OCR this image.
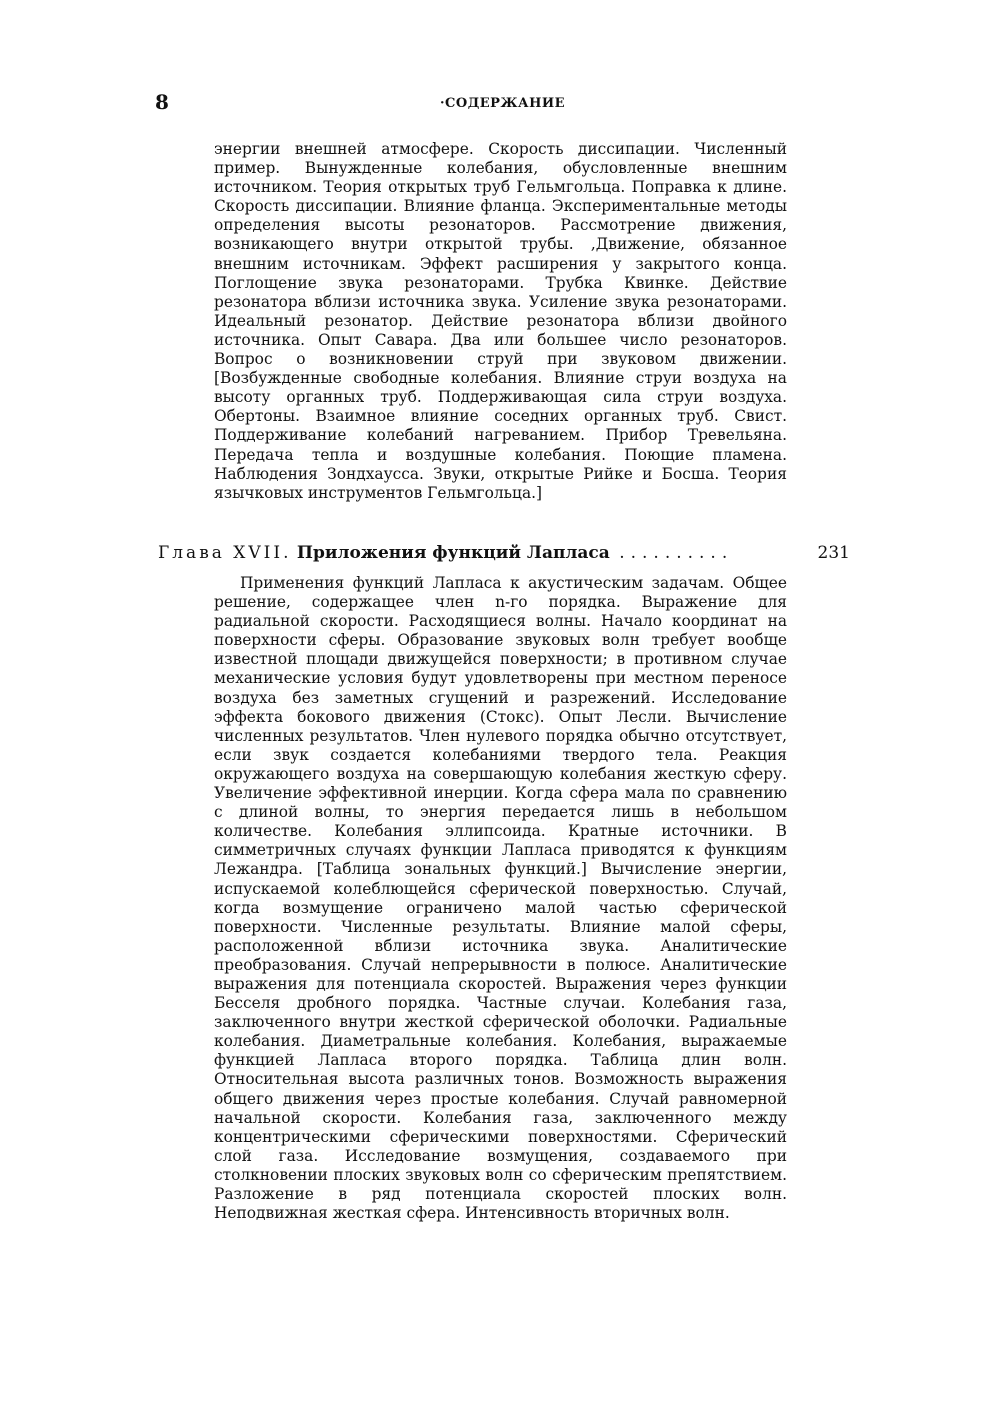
8	·СОДЕРЖАНИЕ

энергии внешней атмосфере. Скорость диссипации. Численный пример. Вынужденные колебания, обусловленные внешним источником. Теория открытых труб Гельмгольца. Поправка к длине. Скорость диссипации. Влияние фланца. Экспериментальные методы определения высоты резонаторов. Рассмотрение движения, возникающего внутри открытой трубы. ,Движение, обязанное внешним источникам. Эффект расширения у закрытого конца. Поглощение звука резонаторами. Трубка Квинке. Действие резонатора вблизи источника звука. Усиление звука резонаторами. Идеальный резонатор. Действие резонатора вблизи двойного источника. Опыт Савара. Два или большее число резонаторов. Вопрос о возникновении струй при звуковом движении. [Возбужденные свободные колебания. Влияние струи воздуха на высоту органных труб. Поддерживающая сила струи воздуха. Обертоны. Взаимное влияние соседних органных труб. Свист. Поддерживание колебаний нагреванием. Прибор Тревельяна. Передача тепла и воздушные колебания. Поющие пламена. Наблюдения Зондхаусса. Звуки, открытые Рийке и Босша. Теория язычковых инструментов Гельмгольца.]

Глава XVII. Приложения функций Лапласа ..........	231

Применения функций Лапласа к акустическим задачам. Общее решение, содержащее член n-го порядка. Выражение для радиальной скорости. Расходящиеся волны. Начало координат на поверхности сферы. Образование звуковых волн требует вообще известной площади движущейся поверхности; в противном случае механические условия будут удовлетворены при местном переносе воздуха без заметных сгущений и разрежений. Исследование эффекта бокового движения (Стокс). Опыт Лесли. Вычисление численных результатов. Член нулевого порядка обычно отсутствует, если звук создается колебаниями твердого тела. Реакция окружающего воздуха на совершающую колебания жесткую сферу. Увеличение эффективной инерции. Когда сфера мала по сравнению с длиной волны, то энергия передается лишь в небольшом количестве. Колебания эллипсоида. Кратные источники. В симметричных случаях функции Лапласа приводятся к функциям Лежандра. [Таблица зональных функций.] Вычисление энергии, испускаемой колеблющейся сферической поверхностью. Случай, когда возмущение ограничено малой частью сферической поверхности. Численные результаты. Влияние малой сферы, расположенной вблизи источника звука. Аналитические преобразования. Случай непрерывности в полюсе. Аналитические выражения для потенциала скоростей. Выражения через функции Бесселя дробного порядка. Частные случаи. Колебания газа, заключенного внутри жесткой сферической оболочки. Радиальные колебания. Диаметральные колебания. Колебания, выражаемые функцией Лапласа второго порядка. Таблица длин волн. Относительная высота различных тонов. Возможность выражения общего движения через простые колебания. Случай равномерной начальной скорости. Колебания газа, заключенного между концентрическими сферическими поверхностями. Сферический слой газа. Исследование возмущения, создаваемого при столкновении плоских звуковых волн со сферическим препятствием. Разложение в ряд потенциала скоростей плоских волн. Неподвижная жесткая сфера. Интенсивность вторичных волн.
